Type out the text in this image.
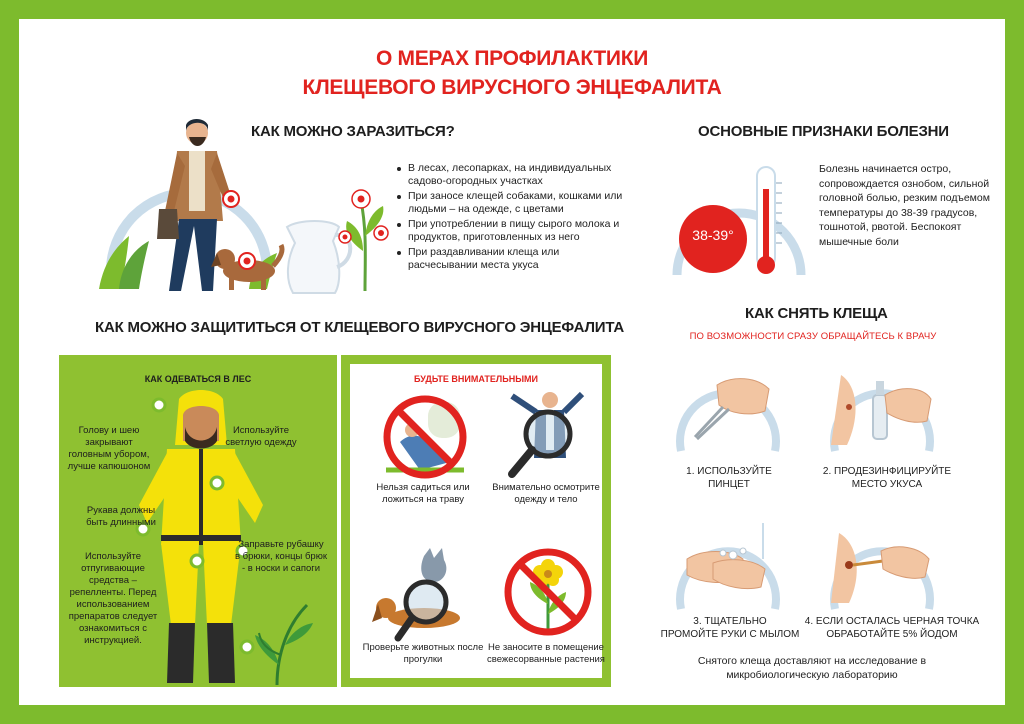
О МЕРАХ ПРОФИЛАКТИКИ
КЛЕЩЕВОГО ВИРУСНОГО ЭНЦЕФАЛИТА
КАК МОЖНО ЗАРАЗИТЬСЯ?
В лесах, лесопарках, на индивидуальных садово-огородных участках
При заносе клещей собаками, кошками или людьми – на одежде, с цветами
При употреблении в пищу сырого молока и продуктов, приготовленных из него
При раздавливании клеща или расчесывании места укуса
ОСНОВНЫЕ ПРИЗНАКИ БОЛЕЗНИ
38-39°
Болезнь начинается остро, сопровождается ознобом, сильной головной болью, резким подъемом температуры до 38-39 градусов, тошнотой, рвотой. Беспокоят мышечные боли
КАК МОЖНО ЗАЩИТИТЬСЯ ОТ КЛЕЩЕВОГО ВИРУСНОГО ЭНЦЕФАЛИТА
КАК ОДЕВАТЬСЯ В ЛЕС
Голову и шею закрывают головным убором, лучше капюшоном
Используйте светлую одежду
Рукава должны быть длинными
Заправьте рубашку в брюки, концы брюк - в носки и сапоги
Используйте отпугивающие средства – репелленты. Перед использованием препаратов следует ознакомиться с инструкцией.
БУДЬТЕ ВНИМАТЕЛЬНЫМИ
Нельзя садиться или ложиться на траву
Внимательно осмотрите одежду и тело
Проверьте животных после прогулки
Не заносите в помещение свежесорванные растения
КАК СНЯТЬ КЛЕЩА
ПО ВОЗМОЖНОСТИ СРАЗУ ОБРАЩАЙТЕСЬ К ВРАЧУ
1. ИСПОЛЬЗУЙТЕ
ПИНЦЕТ
2. ПРОДЕЗИНФИЦИРУЙТЕ
МЕСТО УКУСА
3. ТЩАТЕЛЬНО
ПРОМОЙТЕ РУКИ С МЫЛОМ
4. ЕСЛИ ОСТАЛАСЬ ЧЕРНАЯ ТОЧКА
ОБРАБОТАЙТЕ 5% ЙОДОМ
Снятого клеща доставляют на исследование в микробиологическую лабораторию
